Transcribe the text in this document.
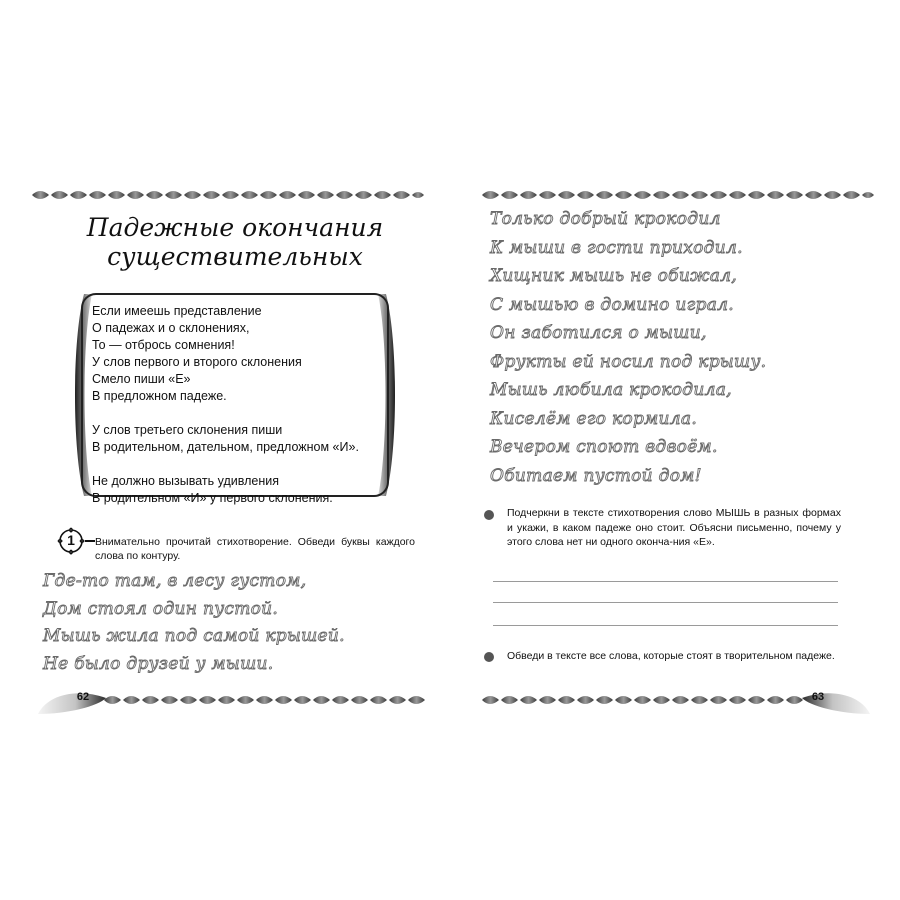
Падежные окончания
существительных
Если имеешь представление
О падежах и о склонениях,
То — отбрось сомнения!
У слов первого и второго склонения
Смело пиши «Е»
В предложном падеже.
У слов третьего склонения пиши
В родительном, дательном, предложном «И».
Не должно вызывать удивления
В родительном «И» у первого склонения.
1	Внимательно прочитай стихотворение. Обведи буквы каждого слова по контуру.
Где-то там, в лесу густом,
Дом стоял один пустой.
Мышь жила под самой крышей.
Не было друзей у мыши.
62
Только добрый крокодил
К мыши в гости приходил.
Хищник мышь не обижал,
С мышью в домино играл.
Он заботился о мыши,
Фрукты ей носил под крышу.
Мышь любила крокодила,
Киселём его кормила.
Вечером споют вдвоём.
Обитаем пустой дом!
Подчеркни в тексте стихотворения слово МЫШЬ в разных формах и укажи, в каком падеже оно стоит. Объясни письменно, почему у этого слова нет ни одного оконча-ния «Е».
Обведи в тексте все слова, которые стоят в творительном падеже.
63
